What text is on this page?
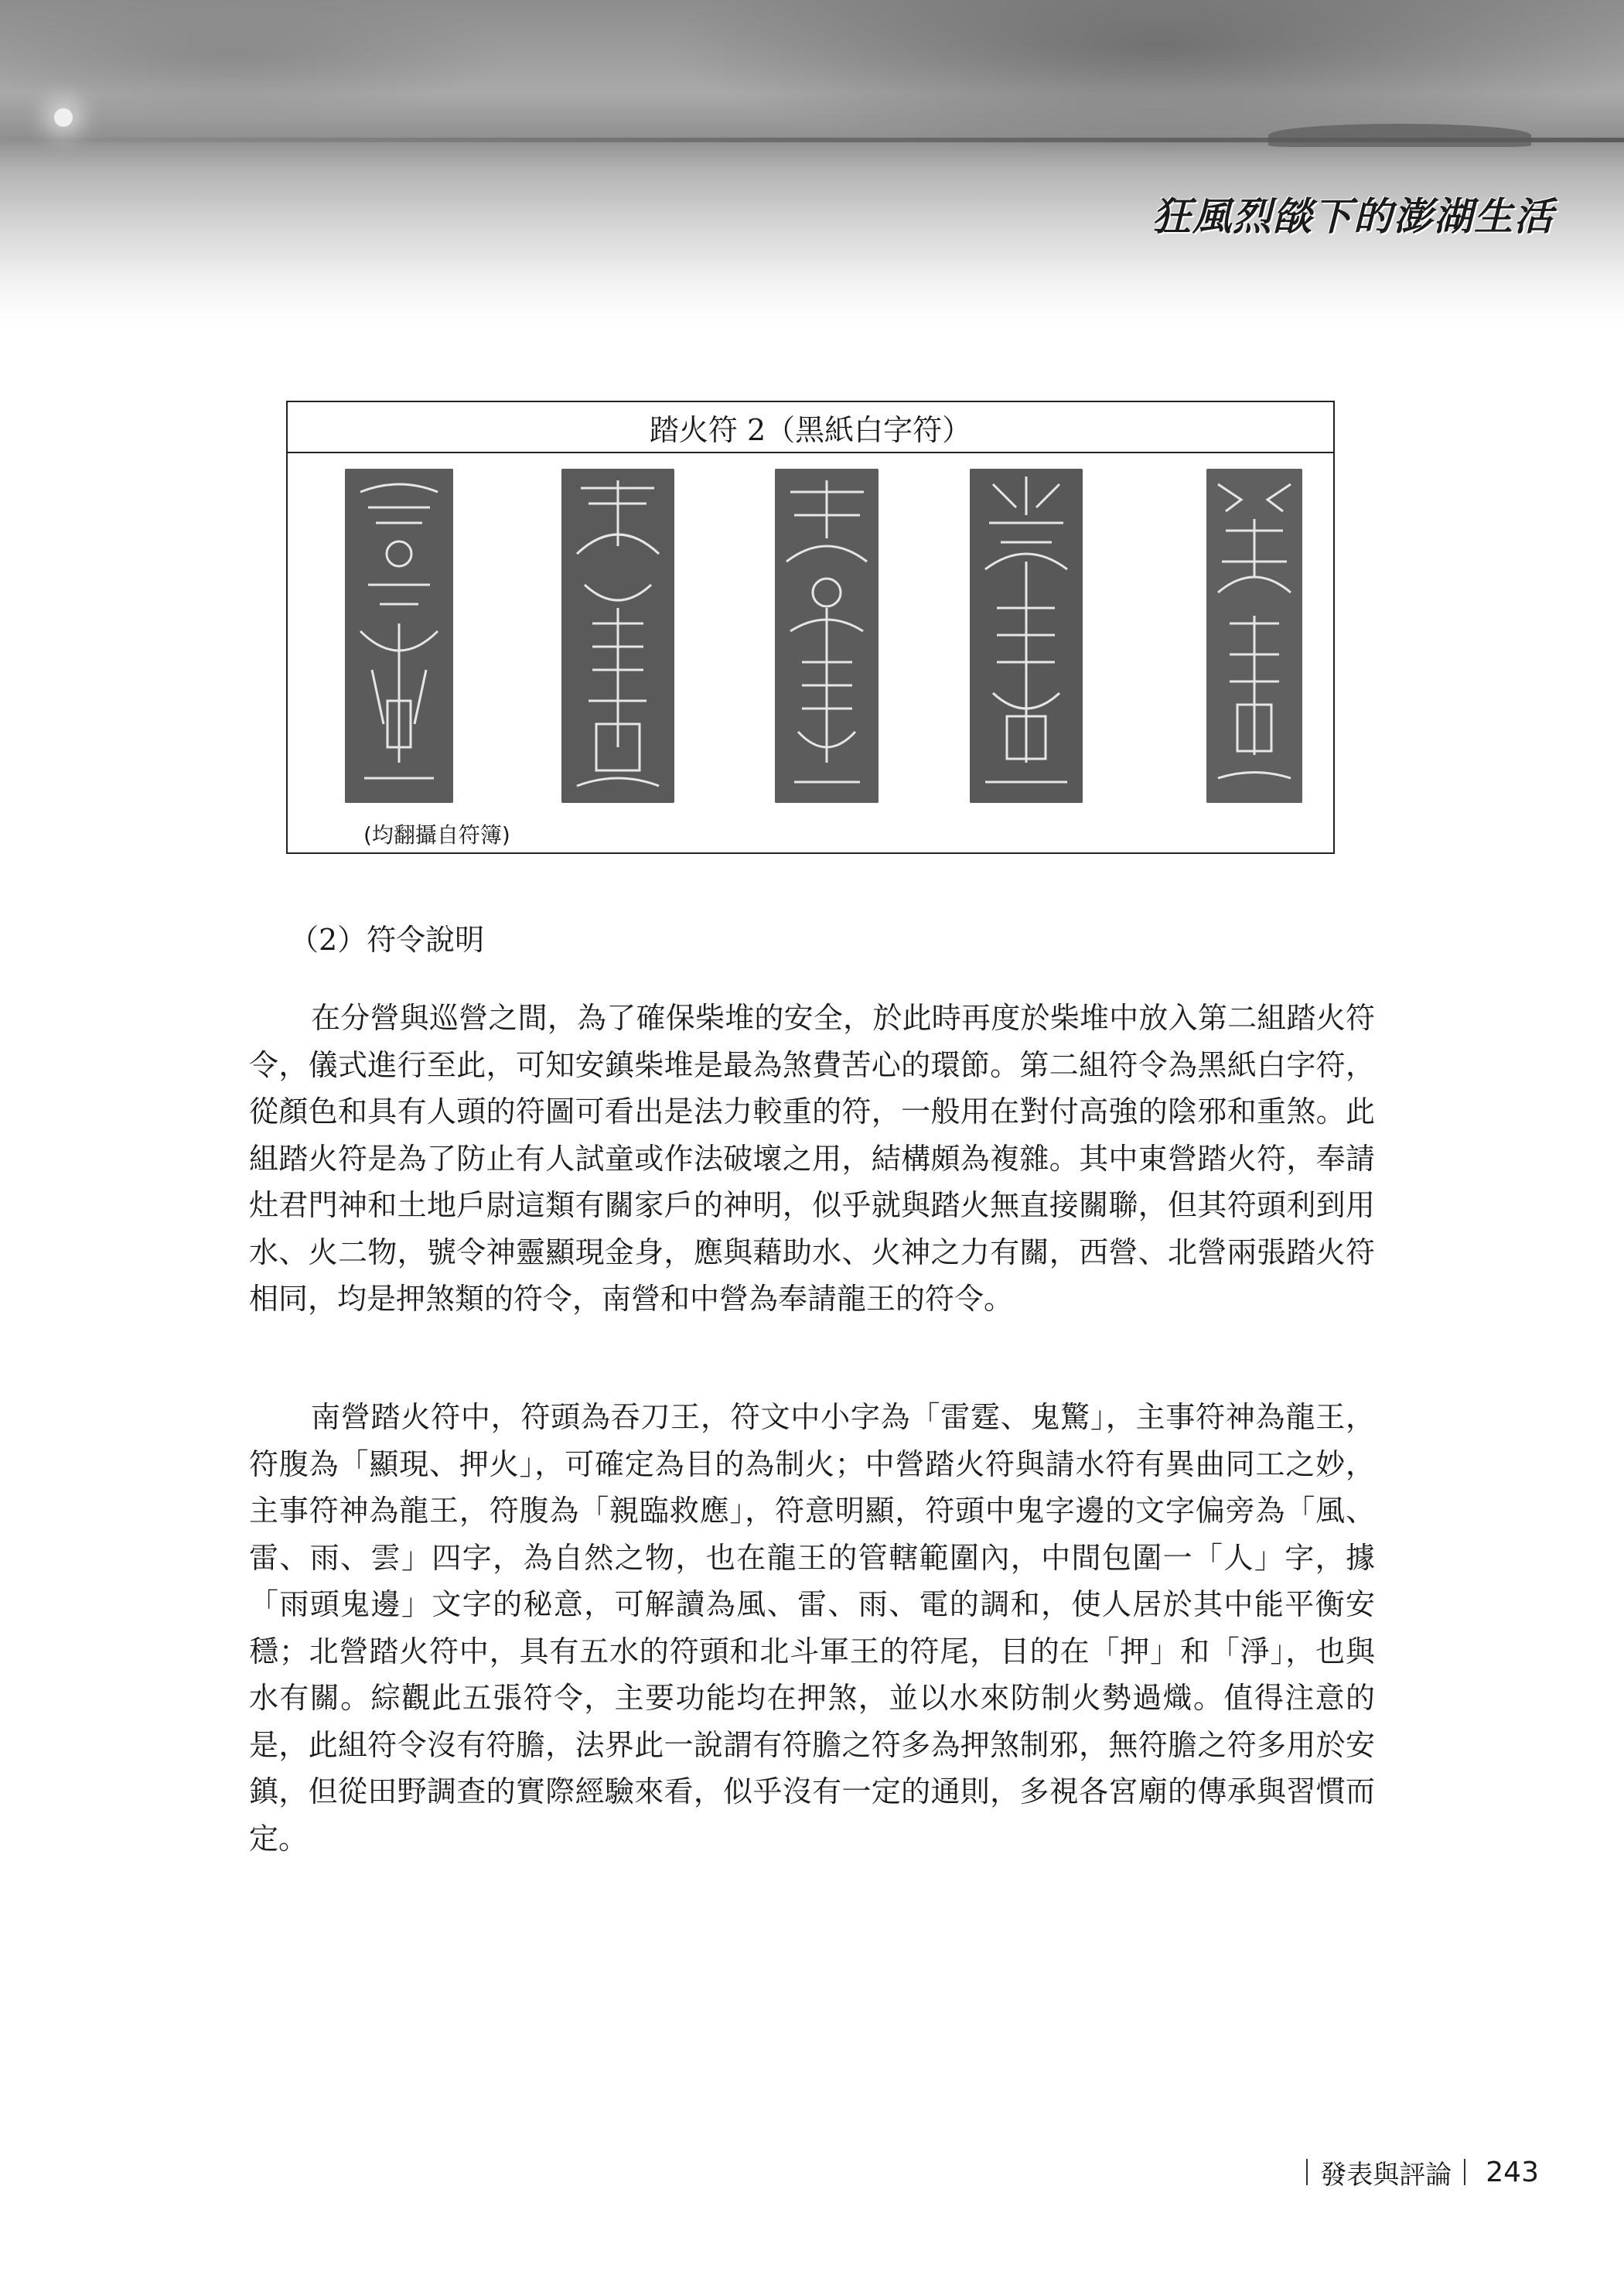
狂風烈燄下的澎湖生活
踏火符 2（黑紙白字符）
(均翻攝自符簿)
（2）符令說明

在分營與巡營之間，為了確保柴堆的安全，於此時再度於柴堆中放入第二組踏火符令，儀式進行至此，可知安鎮柴堆是最為煞費苦心的環節。第二組符令為黑紙白字符，從顏色和具有人頭的符圖可看出是法力較重的符，一般用在對付高強的陰邪和重煞。此組踏火符是為了防止有人試童或作法破壞之用，結構頗為複雜。其中東營踏火符，奉請灶君門神和土地戶尉這類有關家戶的神明，似乎就與踏火無直接關聯，但其符頭利到用水、火二物，號令神靈顯現金身，應與藉助水、火神之力有關，西營、北營兩張踏火符相同，均是押煞類的符令，南營和中營為奉請龍王的符令。

南營踏火符中，符頭為吞刀王，符文中小字為「雷霆、鬼驚」，主事符神為龍王，符腹為「顯現、押火」，可確定為目的為制火；中營踏火符與請水符有異曲同工之妙，主事符神為龍王，符腹為「親臨救應」，符意明顯，符頭中鬼字邊的文字偏旁為「風、雷、雨、雲」四字，為自然之物，也在龍王的管轄範圍內，中間包圍一「人」字，據「雨頭鬼邊」文字的秘意，可解讀為風、雷、雨、電的調和，使人居於其中能平衡安穩；北營踏火符中，具有五水的符頭和北斗軍王的符尾，目的在「押」和「淨」，也與水有關。綜觀此五張符令，主要功能均在押煞，並以水來防制火勢過熾。值得注意的是，此組符令沒有符膽，法界此一說謂有符膽之符多為押煞制邪，無符膽之符多用於安鎮，但從田野調查的實際經驗來看，似乎沒有一定的通則，多視各宮廟的傳承與習慣而定。

發表與評論 243
